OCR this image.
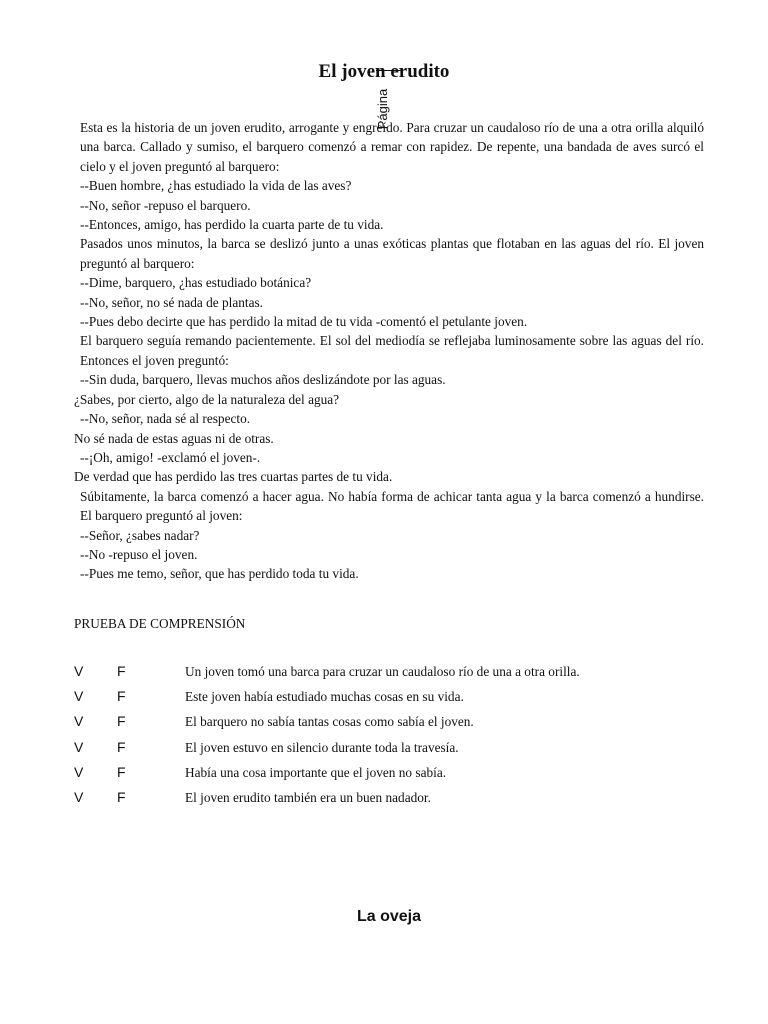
El joven erudito
Página

Esta es la historia de un joven erudito, arrogante y engreído. Para cruzar un caudaloso río de una a otra orilla alquiló una barca. Callado y sumiso, el barquero comenzó a remar con rapidez. De repente, una bandada de aves surcó el cielo y el joven preguntó al barquero:

--Buen hombre, ¿has estudiado la vida de las aves?

--No, señor -repuso el barquero.

--Entonces, amigo, has perdido la cuarta parte de tu vida.

Pasados unos minutos, la barca se deslizó junto a unas exóticas plantas que flotaban en las aguas del río. El joven preguntó al barquero:

--Dime, barquero, ¿has estudiado botánica?

--No, señor, no sé nada de plantas.

--Pues debo decirte que has perdido la mitad de tu vida -comentó el petulante joven.

El barquero seguía remando pacientemente. El sol del mediodía se reflejaba luminosamente sobre las aguas del río. Entonces el joven preguntó:

--Sin duda, barquero, llevas muchos años deslizándote por las aguas.

¿Sabes, por cierto, algo de la naturaleza del agua?

--No, señor, nada sé al respecto.

No sé nada de estas aguas ni de otras.

--¡Oh, amigo! -exclamó el joven-.

De verdad que has perdido las tres cuartas partes de tu vida.

Súbitamente, la barca comenzó a hacer agua. No había forma de achicar tanta agua y la barca comenzó a hundirse. El barquero preguntó al joven:

--Señor, ¿sabes nadar?

--No -repuso el joven.

--Pues me temo, señor, que has perdido toda tu vida.

PRUEBA DE COMPRENSIÓN
V F	Un joven tomó una barca para cruzar un caudaloso río de una a otra orilla.
V F	Este joven había estudiado muchas cosas en su vida.
V F	El barquero no sabía tantas cosas como sabía el joven.
V F	El joven estuvo en silencio durante toda la travesía.
V F	Había una cosa importante que el joven no sabía.
V F	El joven erudito también era un buen nadador.
La oveja
